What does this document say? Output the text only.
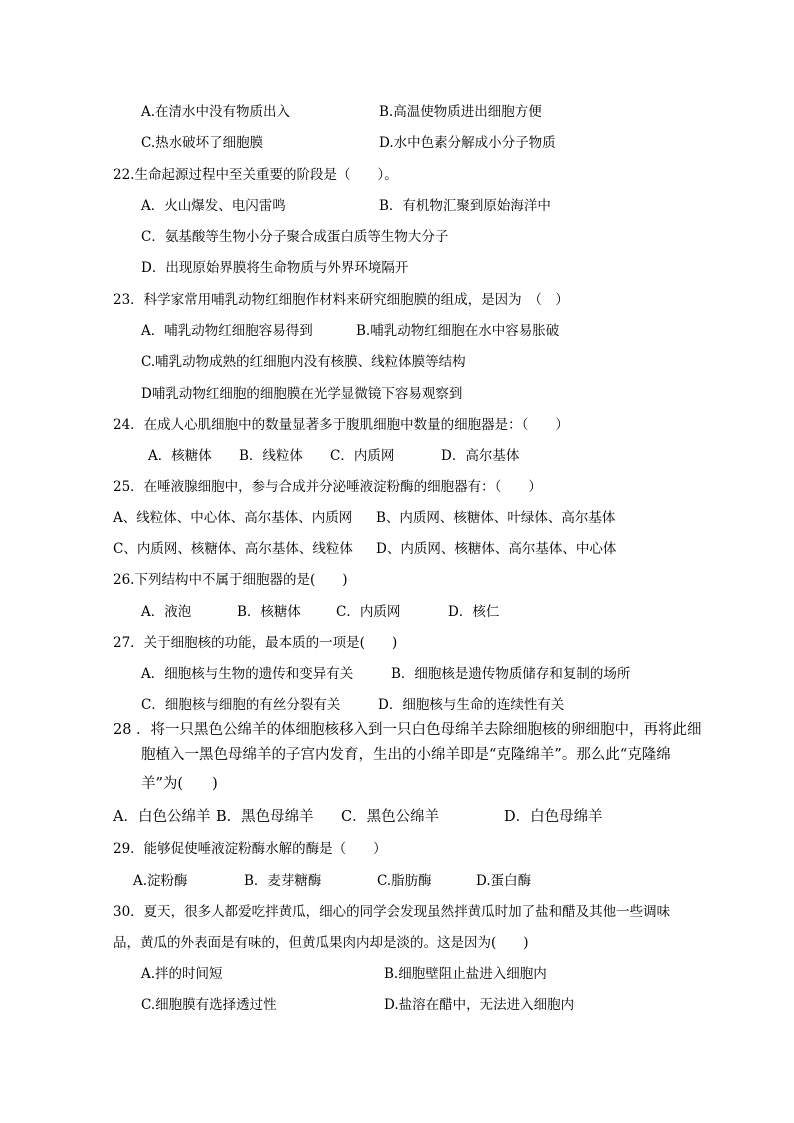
A.在清水中没有物质出入	B.高温使物质进出细胞方便
C.热水破坏了细胞膜	D.水中色素分解成小分子物质
22.生命起源过程中至关重要的阶段是（　　）。
A．火山爆发、电闪雷鸣	B．有机物汇聚到原始海洋中
C．氨基酸等生物小分子聚合成蛋白质等生物大分子
D．出现原始界膜将生命物质与外界环境隔开
23．科学家常用哺乳动物红细胞作材料来研究细胞膜的组成，是因为　（　）
A．哺乳动物红细胞容易得到	B.哺乳动物红细胞在水中容易胀破
C.哺乳动物成熟的红细胞内没有核膜、线粒体膜等结构
D哺乳动物红细胞的细胞膜在光学显微镜下容易观察到
24．在成人心肌细胞中的数量显著多于腹肌细胞中数量的细胞器是：（　　）
A．核糖体 B．线粒体 C．内质网	D．高尔基体
25．在唾液腺细胞中，参与合成并分泌唾液淀粉酶的细胞器有：（　　）
A、线粒体、中心体、高尔基体、内质网 B、内质网、核糖体、叶绿体、高尔基体
C、内质网、核糖体、高尔基体、线粒体 D、内质网、核糖体、高尔基体、中心体
26.下列结构中不属于细胞器的是(　　)
A．液泡	B．核糖体	C．内质网	D．核仁
27．关于细胞核的功能，最本质的一项是(　　)
A．细胞核与生物的遗传和变异有关	B．细胞核是遗传物质储存和复制的场所
C．细胞核与细胞的有丝分裂有关	D．细胞核与生命的连续性有关
28 ．将一只黑色公绵羊的体细胞核移入到一只白色母绵羊去除细胞核的卵细胞中，再将此细
胞植入一黑色母绵羊的子宫内发育，生出的小绵羊即是“克隆绵羊”。那么此“克隆绵
羊”为(　　)
A．白色公绵羊 B．黑色母绵羊 C．黑色公绵羊	D．白色母绵羊
29．能够促使唾液淀粉酶水解的酶是（　　）
A.淀粉酶	B．麦芽糖酶	C.脂肪酶	D.蛋白酶
30．夏天，很多人都爱吃拌黄瓜，细心的同学会发现虽然拌黄瓜时加了盐和醋及其他一些调味
品，黄瓜的外表面是有味的，但黄瓜果肉内却是淡的。这是因为(　　)
A.拌的时间短	B.细胞壁阻止盐进入细胞内
C.细胞膜有选择透过性	D.盐溶在醋中，无法进入细胞内
